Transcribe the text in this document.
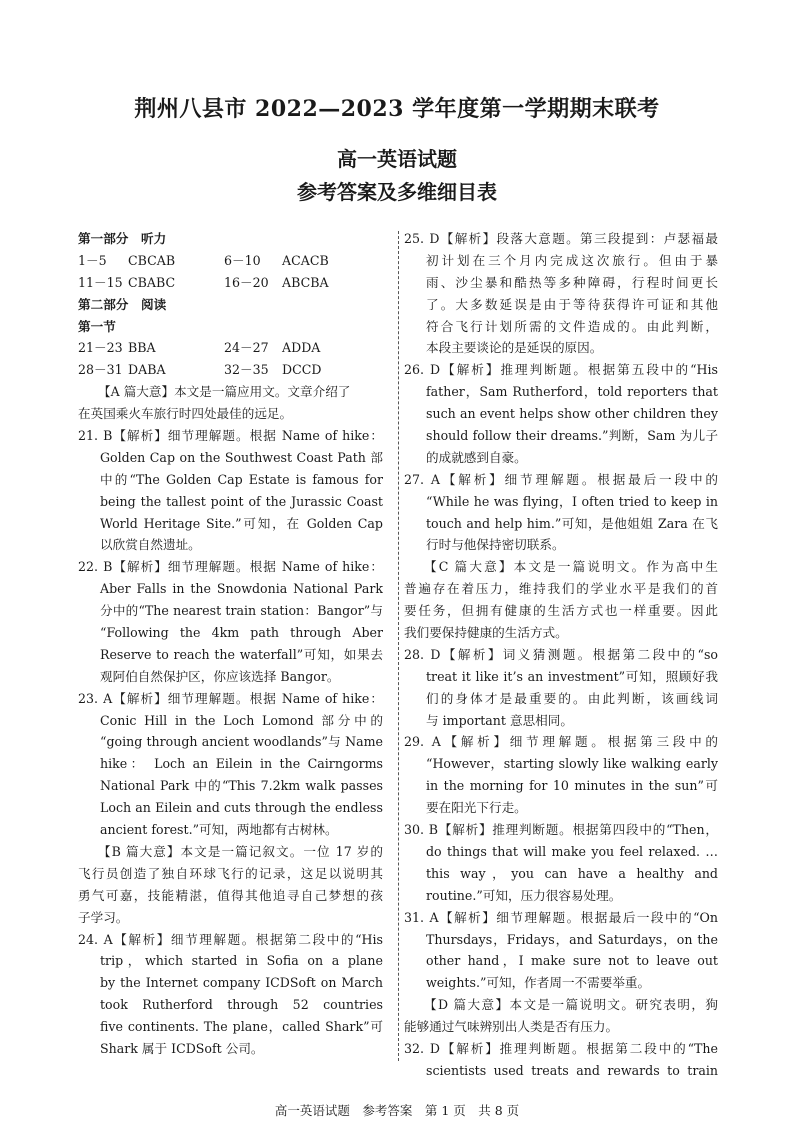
荆州八县市 2022—2023 学年度第一学期期末联考
高一英语试题
参考答案及多维细目表
第一部分　听力
1－5	CBCAB	6－10	ACACB
11－15 CBABC	16－20	ABCBA
第二部分　阅读
第一节
21－23 BBA	24－27	ADDA
28－31 DABA	32－35	DCCD
【A 篇大意】本文是一篇应用文。文章介绍了
在英国乘火车旅行时四处最佳的远足。
21. B【解析】细节理解题。根据 Name of hike：
Golden Cap on the Southwest Coast Path 部
中的“The Golden Cap Estate is famous for
being the tallest point of the Jurassic Coast
World Heritage Site.”可知，在 Golden Cap
以欣赏自然遗址。
22. B【解析】细节理解题。根据 Name of hike：
Aber Falls in the Snowdonia National Park
分中的“The nearest train station：Bangor”与
“Following the 4km path through Aber
Reserve to reach the waterfall”可知，如果去
观阿伯自然保护区，你应该选择 Bangor。
23. A【解析】细节理解题。根据 Name of hike：
Conic Hill in the Loch Lomond 部分中的
“going through ancient woodlands”与 Name
hike： Loch an Eilein in the Cairngorms
National Park 中的“This 7.2km walk passes
Loch an Eilein and cuts through the endless
ancient forest.”可知，两地都有古树林。
【B 篇大意】本文是一篇记叙文。一位 17 岁的
飞行员创造了独自环球飞行的记录，这足以说明其
勇气可嘉，技能精湛，值得其他追寻自己梦想的孩
子学习。
24. A【解析】细节理解题。根据第二段中的“His
trip，which started in Sofia on a plane
by the Internet company ICDSoft on March
took Rutherford through 52 countries
five continents. The plane，called Shark”可
Shark 属于 ICDSoft 公司。
25. D【解析】段落大意题。第三段提到：卢瑟福最
初计划在三个月内完成这次旅行。但由于暴
雨、沙尘暴和酷热等多种障碍，行程时间更长
了。大多数延误是由于等待获得许可证和其他
符合飞行计划所需的文件造成的。由此判断，
本段主要谈论的是延误的原因。
26. D【解析】推理判断题。根据第五段中的“His
father，Sam Rutherford，told reporters that
such an event helps show other children they
should follow their dreams.”判断，Sam 为儿子
的成就感到自豪。
27. A【解析】细节理解题。根据最后一段中的
“While he was flying，I often tried to keep in
touch and help him.”可知，是他姐姐 Zara 在飞
行时与他保持密切联系。
【C 篇大意】本文是一篇说明文。作为高中生
普遍存在着压力，维持我们的学业水平是我们的首
要任务，但拥有健康的生活方式也一样重要。因此
我们要保持健康的生活方式。
28. D【解析】词义猜测题。根据第二段中的“so
treat it like it’s an investment”可知，照顾好我
们的身体才是最重要的。由此判断，该画线词
与 important 意思相同。
29. A【解析】细节理解题。根据第三段中的
“However，starting slowly like walking early
in the morning for 10 minutes in the sun”可
要在阳光下行走。
30. B【解析】推理判断题。根据第四段中的“Then，
do things that will make you feel relaxed. …
this way，you can have a healthy and
routine.”可知，压力很容易处理。
31. A【解析】细节理解题。根据最后一段中的“On
Thursdays，Fridays，and Saturdays，on the
other hand，I make sure not to leave out
weights.”可知，作者周一不需要举重。
【D 篇大意】本文是一篇说明文。研究表明，狗
能够通过气味辨别出人类是否有压力。
32. D【解析】推理判断题。根据第二段中的“The
scientists used treats and rewards to train
高一英语试题　参考答案　第 1 页　共 8 页
